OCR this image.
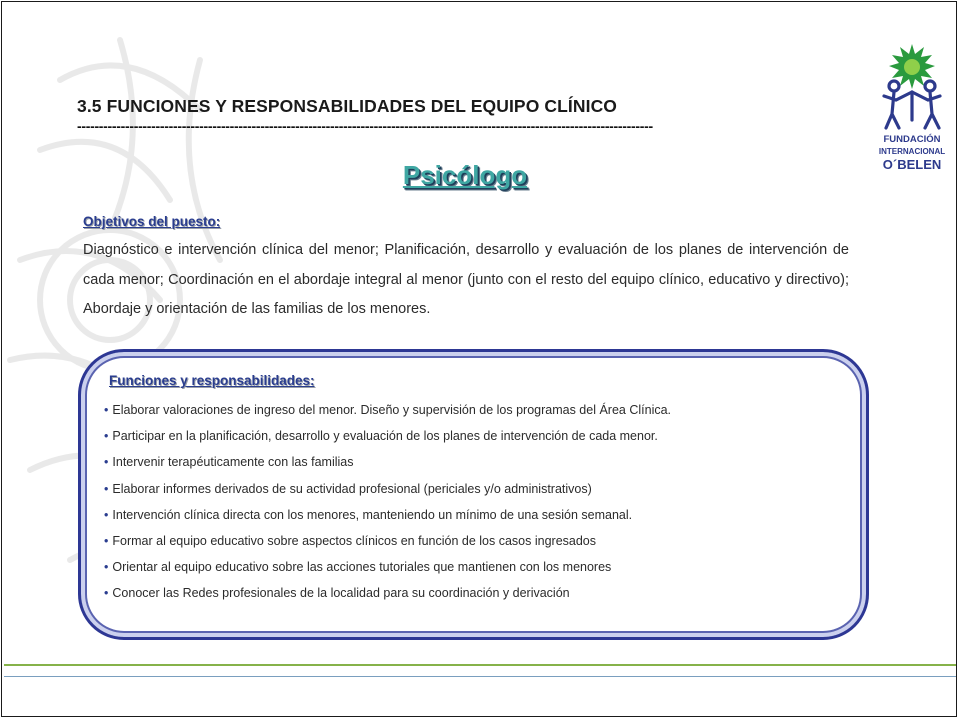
3.5 FUNCIONES Y RESPONSABILIDADES DEL EQUIPO CLÍNICO
------------------------------------------------------------------------------------------------------------------------------------
Psicólogo
Objetivos del puesto:

Diagnóstico e intervención clínica del menor; Planificación, desarrollo y evaluación de los planes de intervención de cada menor; Coordinación en el abordaje integral al menor (junto con el resto del equipo clínico, educativo y directivo); Abordaje y orientación de las familias de los menores.

Funciones y responsabilidades:
• Elaborar valoraciones de ingreso del menor. Diseño y supervisión de los programas del Área Clínica.
• Participar en la planificación, desarrollo y evaluación de los planes de intervención de cada menor.
• Intervenir terapéuticamente con las familias
• Elaborar informes derivados de su actividad profesional (periciales y/o administrativos)
• Intervención clínica directa con los menores, manteniendo un mínimo de una sesión semanal.
• Formar al equipo educativo sobre aspectos clínicos en función de los casos ingresados
• Orientar al equipo educativo sobre las acciones tutoriales que mantienen con los menores
• Conocer las Redes profesionales de la localidad para su coordinación y derivación
FUNDACIÓN
INTERNACIONAL
O´BELEN
